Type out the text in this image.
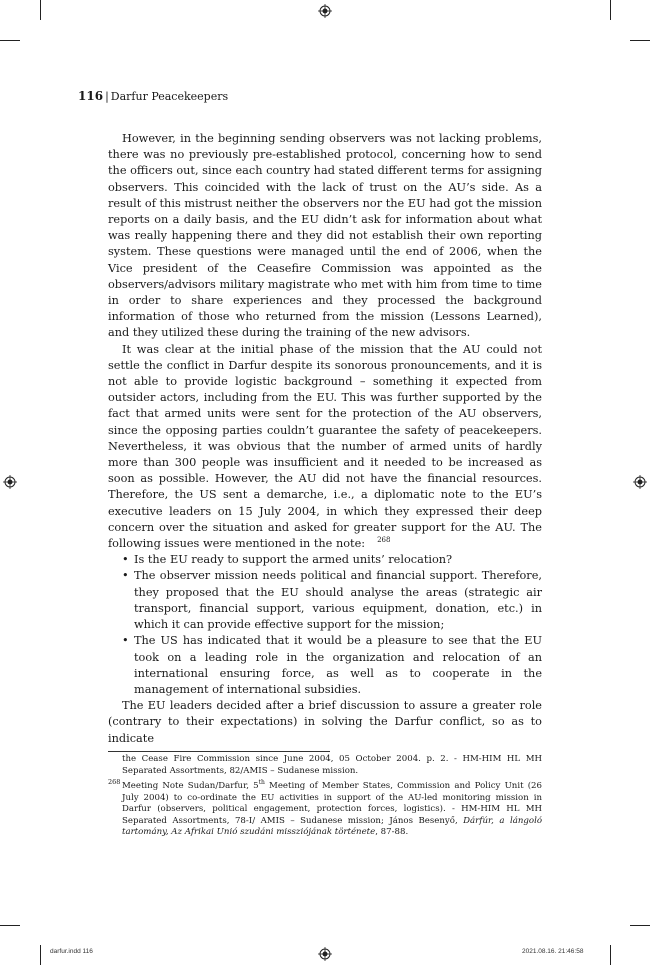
116 | Darfur Peacekeepers

However, in the beginning sending observers was not lacking problems, there was no previously pre-established protocol, concerning how to send the officers out, since each country had stated different terms for assigning observers. This coincided with the lack of trust on the AU’s side. As a result of this mistrust neither the observers nor the EU had got the mission reports on a daily basis, and the EU didn’t ask for information about what was really happening there and they did not establish their own reporting system. These questions were managed until the end of 2006, when the Vice president of the Ceasefire Commission was appointed as the observers/advisors military magistrate who met with him from time to time in order to share experiences and they processed the background information of those who returned from the mission (Lessons Learned), and they utilized these during the training of the new advisors.

It was clear at the initial phase of the mission that the AU could not settle the conflict in Darfur despite its sonorous pronouncements, and it is not able to provide logistic background – something it expected from outsider actors, including from the EU. This was further supported by the fact that armed units were sent for the protection of the AU observers, since the opposing parties couldn’t guarantee the safety of peacekeepers. Nevertheless, it was obvious that the number of armed units of hardly more than 300 people was insufficient and it needed to be increased as soon as possible. However, the AU did not have the financial resources. Therefore, the US sent a demarche, i.e., a diplomatic note to the EU’s executive leaders on 15 July 2004, in which they expressed their deep concern over the situation and asked for greater support for the AU. The following issues were mentioned in the note: $^{268}$

• Is the EU ready to support the armed units’ relocation?
• The observer mission needs political and financial support. Therefore, they proposed that the EU should analyse the areas (strategic air transport, financial support, various equipment, donation, etc.) in which it can provide effective support for the mission;
• The US has indicated that it would be a pleasure to see that the EU took on a leading role in the organization and relocation of an international ensuring force, as well as to cooperate in the management of international subsidies.

The EU leaders decided after a brief discussion to assure a greater role (contrary to their expectations) in solving the Darfur conflict, so as to indicate

the Cease Fire Commission since June 2004, 05 October 2004. p. 2. - HM-HIM HL MH Separated Assortments, 82/AMIS – Sudanese mission.

268 Meeting Note Sudan/Darfur, 5th Meeting of Member States, Commission and Policy Unit (26 July 2004) to co-ordinate the EU activities in support of the AU-led monitoring mission in Darfur (observers, political engagement, protection forces, logistics). - HM-HIM HL MH Separated Assortments, 78-I/ AMIS – Sudanese mission; János Besenyő, Dárfúr, a lángoló tartomány, Az Afrikai Unió szudáni missziójának története, 87-88.

darfur.indd 116	2021.08.16. 21:46:58
